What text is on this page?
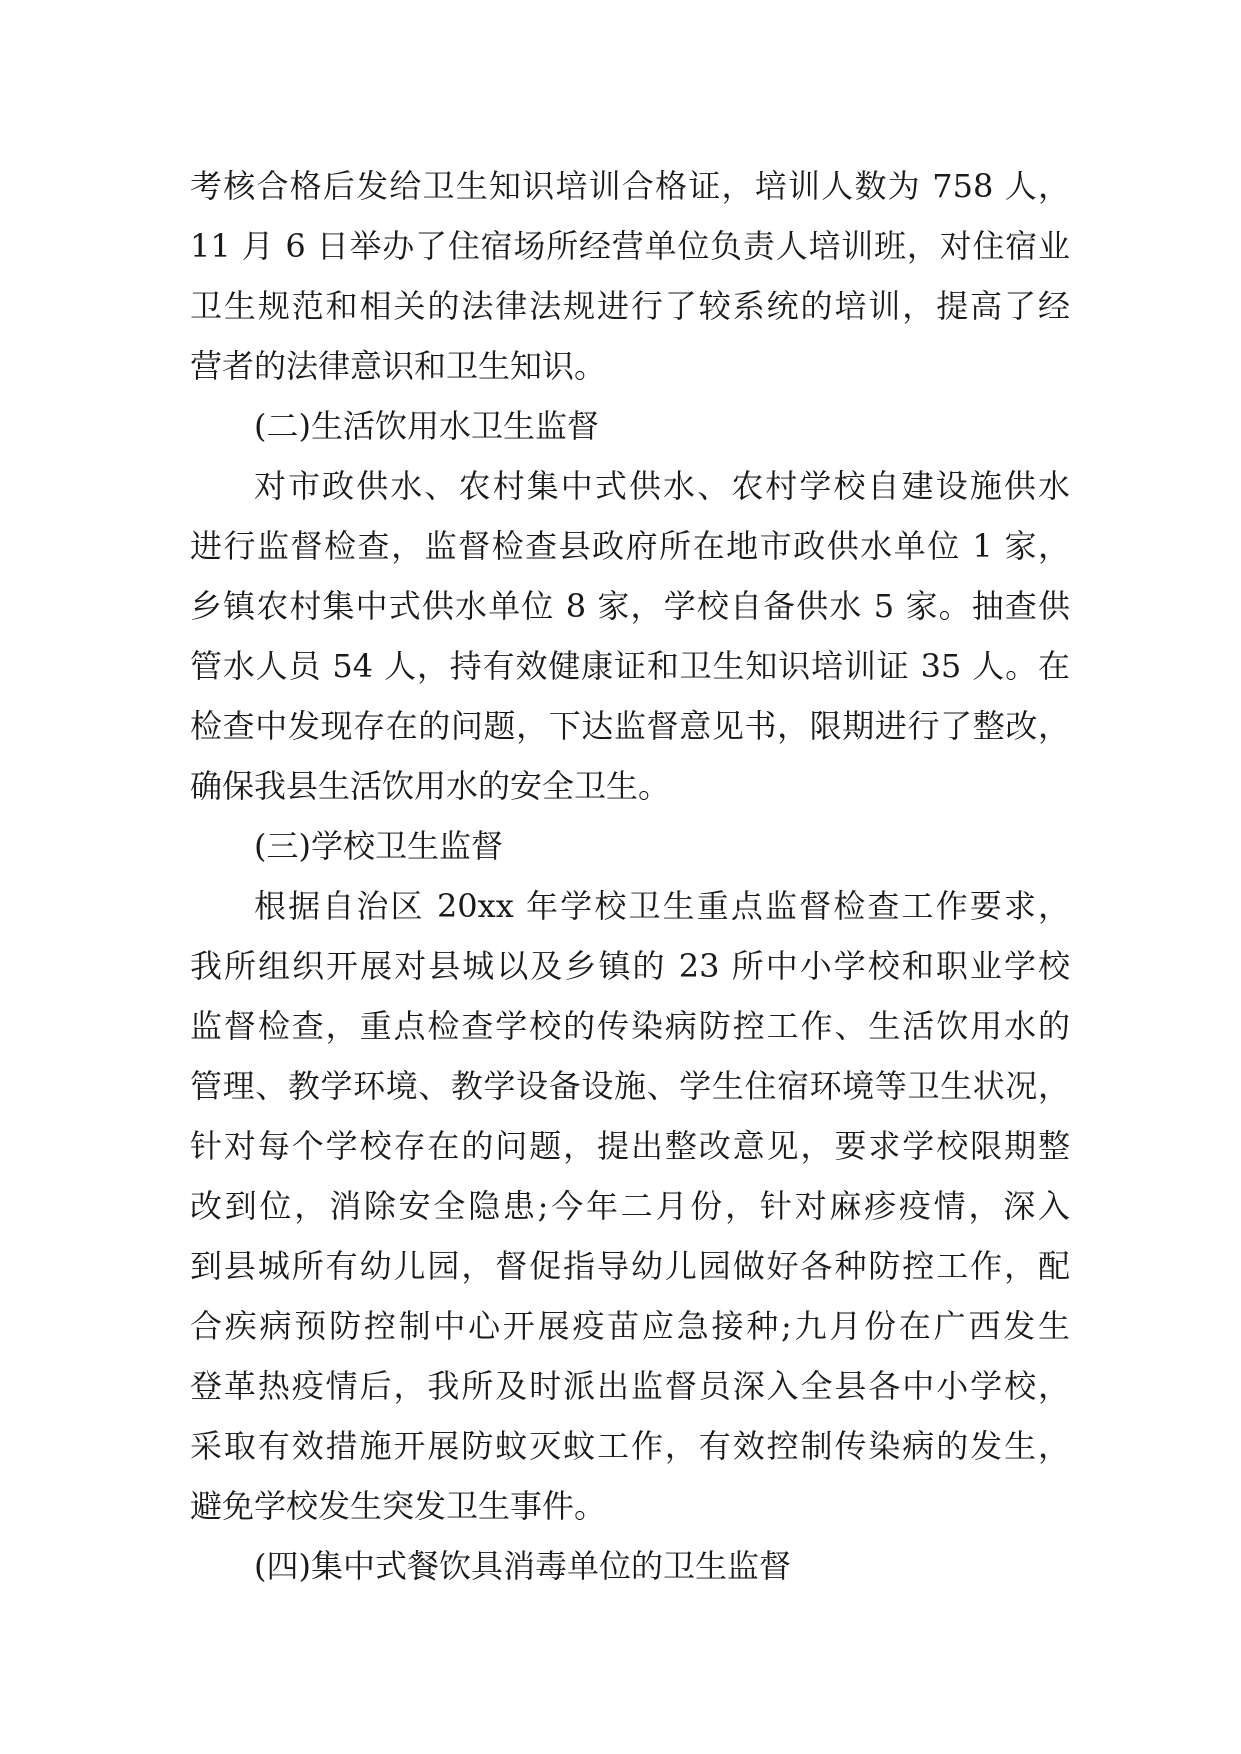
考核合格后发给卫生知识培训合格证，培训人数为 758 人，

11 月 6 日举办了住宿场所经营单位负责人培训班，对住宿业

卫生规范和相关的法律法规进行了较系统的培训，提高了经

营者的法律意识和卫生知识。

(二)生活饮用水卫生监督

对市政供水、农村集中式供水、农村学校自建设施供水

进行监督检查，监督检查县政府所在地市政供水单位 1 家，

乡镇农村集中式供水单位 8 家，学校自备供水 5 家。抽查供

管水人员 54 人，持有效健康证和卫生知识培训证 35 人。在

检查中发现存在的问题，下达监督意见书，限期进行了整改，

确保我县生活饮用水的安全卫生。

(三)学校卫生监督

根据自治区 20xx 年学校卫生重点监督检查工作要求，

我所组织开展对县城以及乡镇的 23 所中小学校和职业学校

监督检查，重点检查学校的传染病防控工作、生活饮用水的

管理、教学环境、教学设备设施、学生住宿环境等卫生状况，

针对每个学校存在的问题，提出整改意见，要求学校限期整

改到位，消除安全隐患;今年二月份，针对麻疹疫情，深入

到县城所有幼儿园，督促指导幼儿园做好各种防控工作，配

合疾病预防控制中心开展疫苗应急接种;九月份在广西发生

登革热疫情后，我所及时派出监督员深入全县各中小学校，

采取有效措施开展防蚊灭蚊工作，有效控制传染病的发生，

避免学校发生突发卫生事件。

(四)集中式餐饮具消毒单位的卫生监督
